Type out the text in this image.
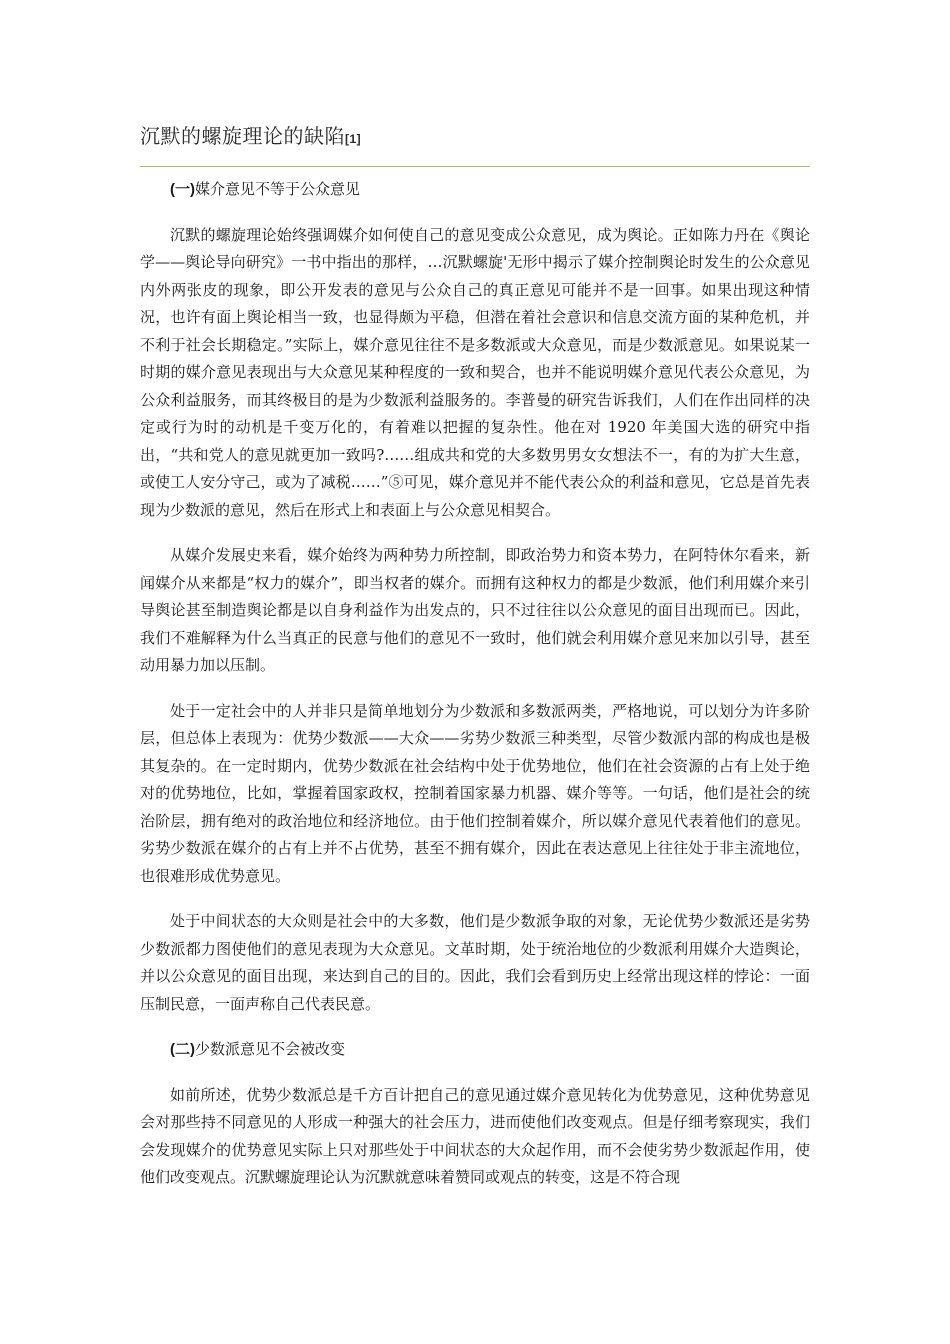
沉默的螺旋理论的缺陷[1]

(一)媒介意见不等于公众意见

沉默的螺旋理论始终强调媒介如何使自己的意见变成公众意见，成为舆论。正如陈力丹在《舆论学——舆论导向研究》一书中指出的那样，…沉默螺旋'无形中揭示了媒介控制舆论时发生的公众意见内外两张皮的现象，即公开发表的意见与公众自己的真正意见可能并不是一回事。如果出现这种情况，也许有面上舆论相当一致，也显得颇为平稳，但潜在着社会意识和信息交流方面的某种危机，并不利于社会长期稳定。”实际上，媒介意见往往不是多数派或大众意见，而是少数派意见。如果说某一时期的媒介意见表现出与大众意见某种程度的一致和契合，也并不能说明媒介意见代表公众意见，为公众利益服务，而其终极目的是为少数派利益服务的。李普曼的研究告诉我们，人们在作出同样的决定或行为时的动机是千变万化的，有着难以把握的复杂性。他在对 1920 年美国大选的研究中指出，“共和党人的意见就更加一致吗?……组成共和党的大多数男男女女想法不一，有的为扩大生意，或使工人安分守己，或为了减税……”⑤可见，媒介意见并不能代表公众的利益和意见，它总是首先表现为少数派的意见，然后在形式上和表面上与公众意见相契合。

从媒介发展史来看，媒介始终为两种势力所控制，即政治势力和资本势力，在阿特休尔看来，新闻媒介从来都是“权力的媒介”，即当权者的媒介。而拥有这种权力的都是少数派，他们利用媒介来引导舆论甚至制造舆论都是以自身利益作为出发点的，只不过往往以公众意见的面目出现而已。因此，我们不难解释为什么当真正的民意与他们的意见不一致时，他们就会利用媒介意见来加以引导，甚至动用暴力加以压制。

处于一定社会中的人并非只是简单地划分为少数派和多数派两类，严格地说，可以划分为许多阶层，但总体上表现为：优势少数派——大众——劣势少数派三种类型，尽管少数派内部的构成也是极其复杂的。在一定时期内，优势少数派在社会结构中处于优势地位，他们在社会资源的占有上处于绝对的优势地位，比如，掌握着国家政权，控制着国家暴力机器、媒介等等。一句话，他们是社会的统治阶层，拥有绝对的政治地位和经济地位。由于他们控制着媒介，所以媒介意见代表着他们的意见。劣势少数派在媒介的占有上并不占优势，甚至不拥有媒介，因此在表达意见上往往处于非主流地位，也很难形成优势意见。

处于中间状态的大众则是社会中的大多数，他们是少数派争取的对象，无论优势少数派还是劣势少数派都力图使他们的意见表现为大众意见。文革时期，处于统治地位的少数派利用媒介大造舆论，并以公众意见的面目出现，来达到自己的目的。因此，我们会看到历史上经常出现这样的悖论：一面压制民意，一面声称自己代表民意。

(二)少数派意见不会被改变

如前所述，优势少数派总是千方百计把自己的意见通过媒介意见转化为优势意见，这种优势意见会对那些持不同意见的人形成一种强大的社会压力，进而使他们改变观点。但是仔细考察现实，我们会发现媒介的优势意见实际上只对那些处于中间状态的大众起作用，而不会使劣势少数派起作用，使他们改变观点。沉默螺旋理论认为沉默就意味着赞同或观点的转变，这是不符合现
